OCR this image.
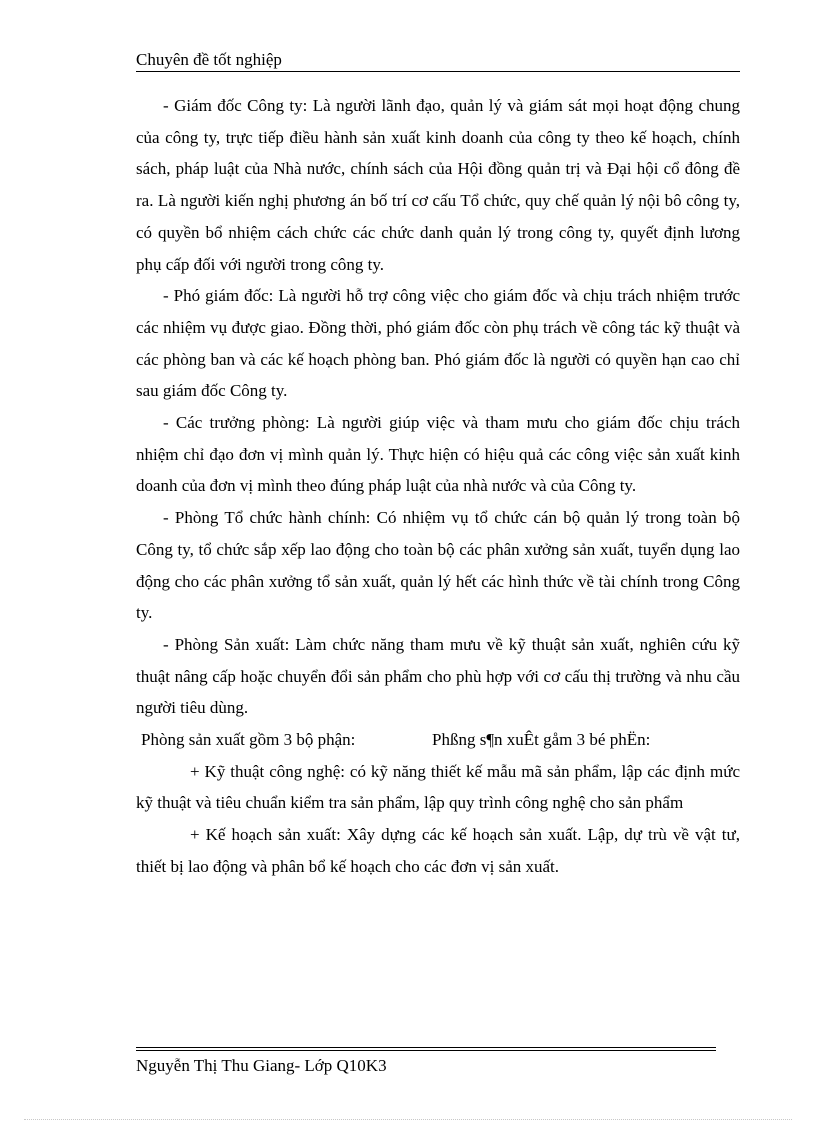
Chuyên đề tốt nghiệp

- Giám đốc Công ty: Là người lãnh đạo, quản lý và giám sát mọi hoạt động chung của công ty, trực tiếp điều hành sản xuất kinh doanh của công ty theo kế hoạch, chính sách, pháp luật của Nhà nước, chính sách của Hội đồng quản trị và Đại hội cổ đông đề ra. Là người kiến nghị phương án bố trí cơ cấu Tổ chức, quy chế quản lý nội bô công ty, có quyền bổ nhiệm cách chức các chức danh quản lý trong công ty, quyết định lương phụ cấp đối với người trong công ty.

- Phó giám đốc: Là người hỗ trợ công việc cho giám đốc và chịu trách nhiệm trước các nhiệm vụ được giao. Đồng thời, phó giám đốc còn phụ trách về công tác kỹ thuật và các phòng ban và các kế hoạch phòng ban. Phó giám đốc là người có quyền hạn cao chỉ sau giám đốc Công ty.

- Các trưởng phòng: Là người giúp việc và tham mưu cho giám đốc chịu trách nhiệm chỉ đạo đơn vị mình quản lý. Thực hiện có hiệu quả các công việc sản xuất kinh doanh của đơn vị mình theo đúng pháp luật của nhà nước và của Công ty.

- Phòng Tổ chức hành chính: Có nhiệm vụ tổ chức cán bộ quản lý trong toàn bộ Công ty, tổ chức sắp xếp lao động cho toàn bộ các phân xưởng sản xuất, tuyển dụng lao động cho các phân xưởng tổ sản xuất, quản lý hết các hình thức về tài chính trong Công ty.

- Phòng Sản xuất: Làm chức năng tham mưu về kỹ thuật sản xuất, nghiên cứu kỹ thuật nâng cấp hoặc chuyển đổi sản phẩm cho phù hợp với cơ cấu thị trường và nhu cầu người tiêu dùng.

Phòng sản xuất gồm 3 bộ phận:	Phßng s¶n xuÊt gåm 3 bé phËn:

+ Kỹ thuật công nghệ: có kỹ năng thiết kế mẫu mã sản phẩm, lập các định mức kỹ thuật và tiêu chuẩn kiểm tra sản phẩm, lập quy trình công nghệ cho sản phẩm

+ Kế hoạch sản xuất: Xây dựng các kế hoạch sản xuất. Lập, dự trù về vật tư, thiết bị lao động và phân bổ kế hoạch cho các đơn vị sản xuất.

Nguyễn Thị Thu Giang- Lớp Q10K3
